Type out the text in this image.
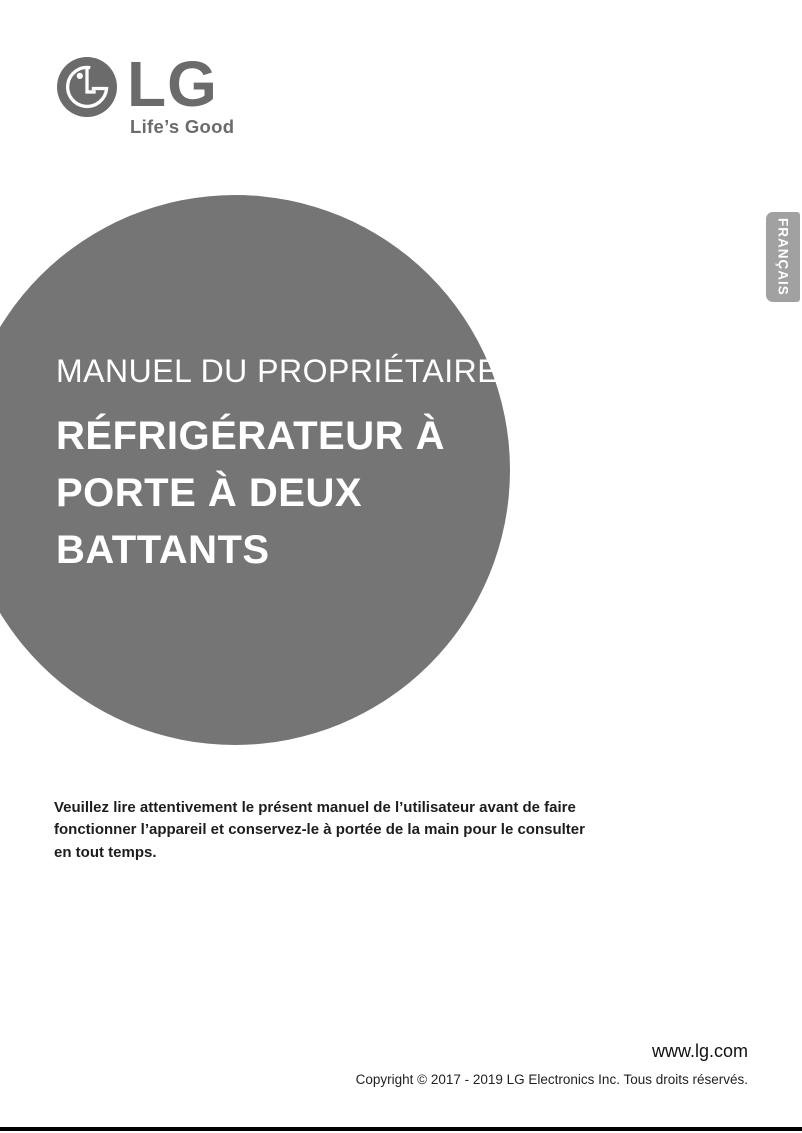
LG
Life’s Good
FRANÇAIS
MANUEL DU PROPRIÉTAIRE
RÉFRIGÉRATEUR À
PORTE À DEUX
BATTANTS
Veuillez lire attentivement le présent manuel de l’utilisateur avant de faire
fonctionner l’appareil et conservez-le à portée de la main pour le consulter
en tout temps.
www.lg.com
Copyright © 2017 - 2019 LG Electronics Inc. Tous droits réservés.
